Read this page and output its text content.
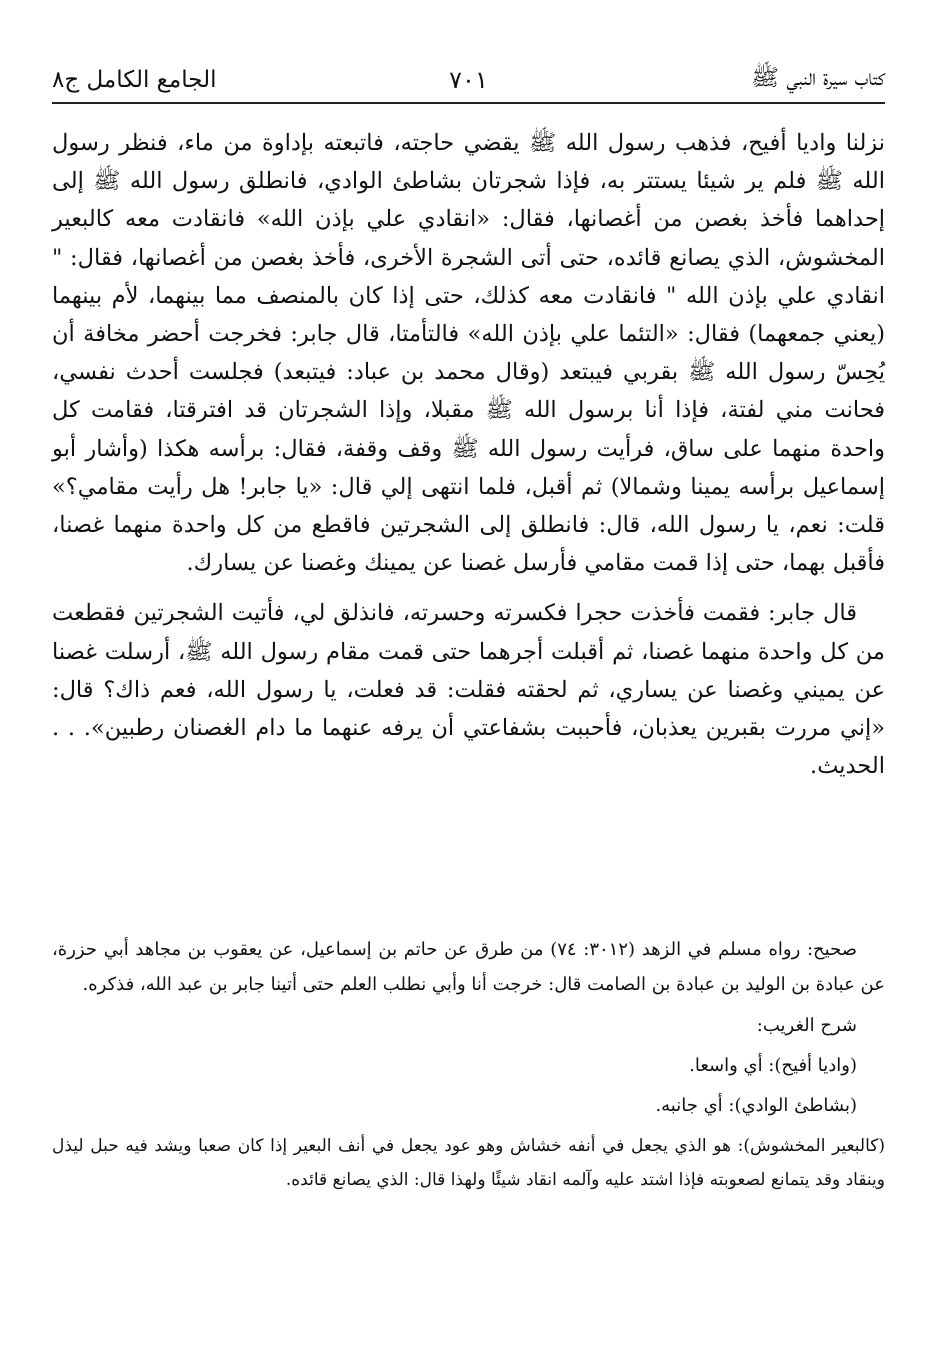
كتاب سيرة النبي ﷺ
٧٠١
الجامع الكامل ج٨

نزلنا واديا أفيح، فذهب رسول الله ﷺ يقضي حاجته، فاتبعته بإداوة من ماء، فنظر رسول الله ﷺ فلم ير شيئا يستتر به، فإذا شجرتان بشاطئ الوادي، فانطلق رسول الله ﷺ إلى إحداهما فأخذ بغصن من أغصانها، فقال: «انقادي علي بإذن الله» فانقادت معه كالبعير المخشوش، الذي يصانع قائده، حتى أتى الشجرة الأخرى، فأخذ بغصن من أغصانها، فقال: " انقادي علي بإذن الله " فانقادت معه كذلك، حتى إذا كان بالمنصف مما بينهما، لأم بينهما (يعني جمعهما) فقال: «التئما علي بإذن الله» فالتأمتا، قال جابر: فخرجت أحضر مخافة أن يُحِسّ رسول الله ﷺ بقربي فيبتعد (وقال محمد بن عباد: فيتبعد) فجلست أحدث نفسي، فحانت مني لفتة، فإذا أنا برسول الله ﷺ مقبلا، وإذا الشجرتان قد افترقتا، فقامت كل واحدة منهما على ساق، فرأيت رسول الله ﷺ وقف وقفة، فقال: برأسه هكذا (وأشار أبو إسماعيل برأسه يمينا وشمالا) ثم أقبل، فلما انتهى إلي قال: «يا جابر! هل رأيت مقامي؟» قلت: نعم، يا رسول الله، قال: فانطلق إلى الشجرتين فاقطع من كل واحدة منهما غصنا، فأقبل بهما، حتى إذا قمت مقامي فأرسل غصنا عن يمينك وغصنا عن يسارك.

قال جابر: فقمت فأخذت حجرا فكسرته وحسرته، فانذلق لي، فأتيت الشجرتين فقطعت من كل واحدة منهما غصنا، ثم أقبلت أجرهما حتى قمت مقام رسول الله ﷺ، أرسلت غصنا عن يميني وغصنا عن يساري، ثم لحقته فقلت: قد فعلت، يا رسول الله، فعم ذاك؟ قال: «إني مررت بقبرين يعذبان، فأحببت بشفاعتي أن يرفه عنهما ما دام الغصنان رطبين». . . الحديث.

صحيح: رواه مسلم في الزهد (٣٠١٢: ٧٤) من طرق عن حاتم بن إسماعيل، عن يعقوب بن مجاهد أبي حزرة، عن عبادة بن الوليد بن عبادة بن الصامت قال: خرجت أنا وأبي نطلب العلم حتى أتينا جابر بن عبد الله، فذكره.

شرح الغريب:

(واديا أفيح): أي واسعا.

(بشاطئ الوادي): أي جانبه.

(كالبعير المخشوش): هو الذي يجعل في أنفه خشاش وهو عود يجعل في أنف البعير إذا كان صعبا ويشد فيه حبل ليذل وينقاد وقد يتمانع لصعوبته فإذا اشتد عليه وآلمه انقاد شيئًا ولهذا قال: الذي يصانع قائده.
